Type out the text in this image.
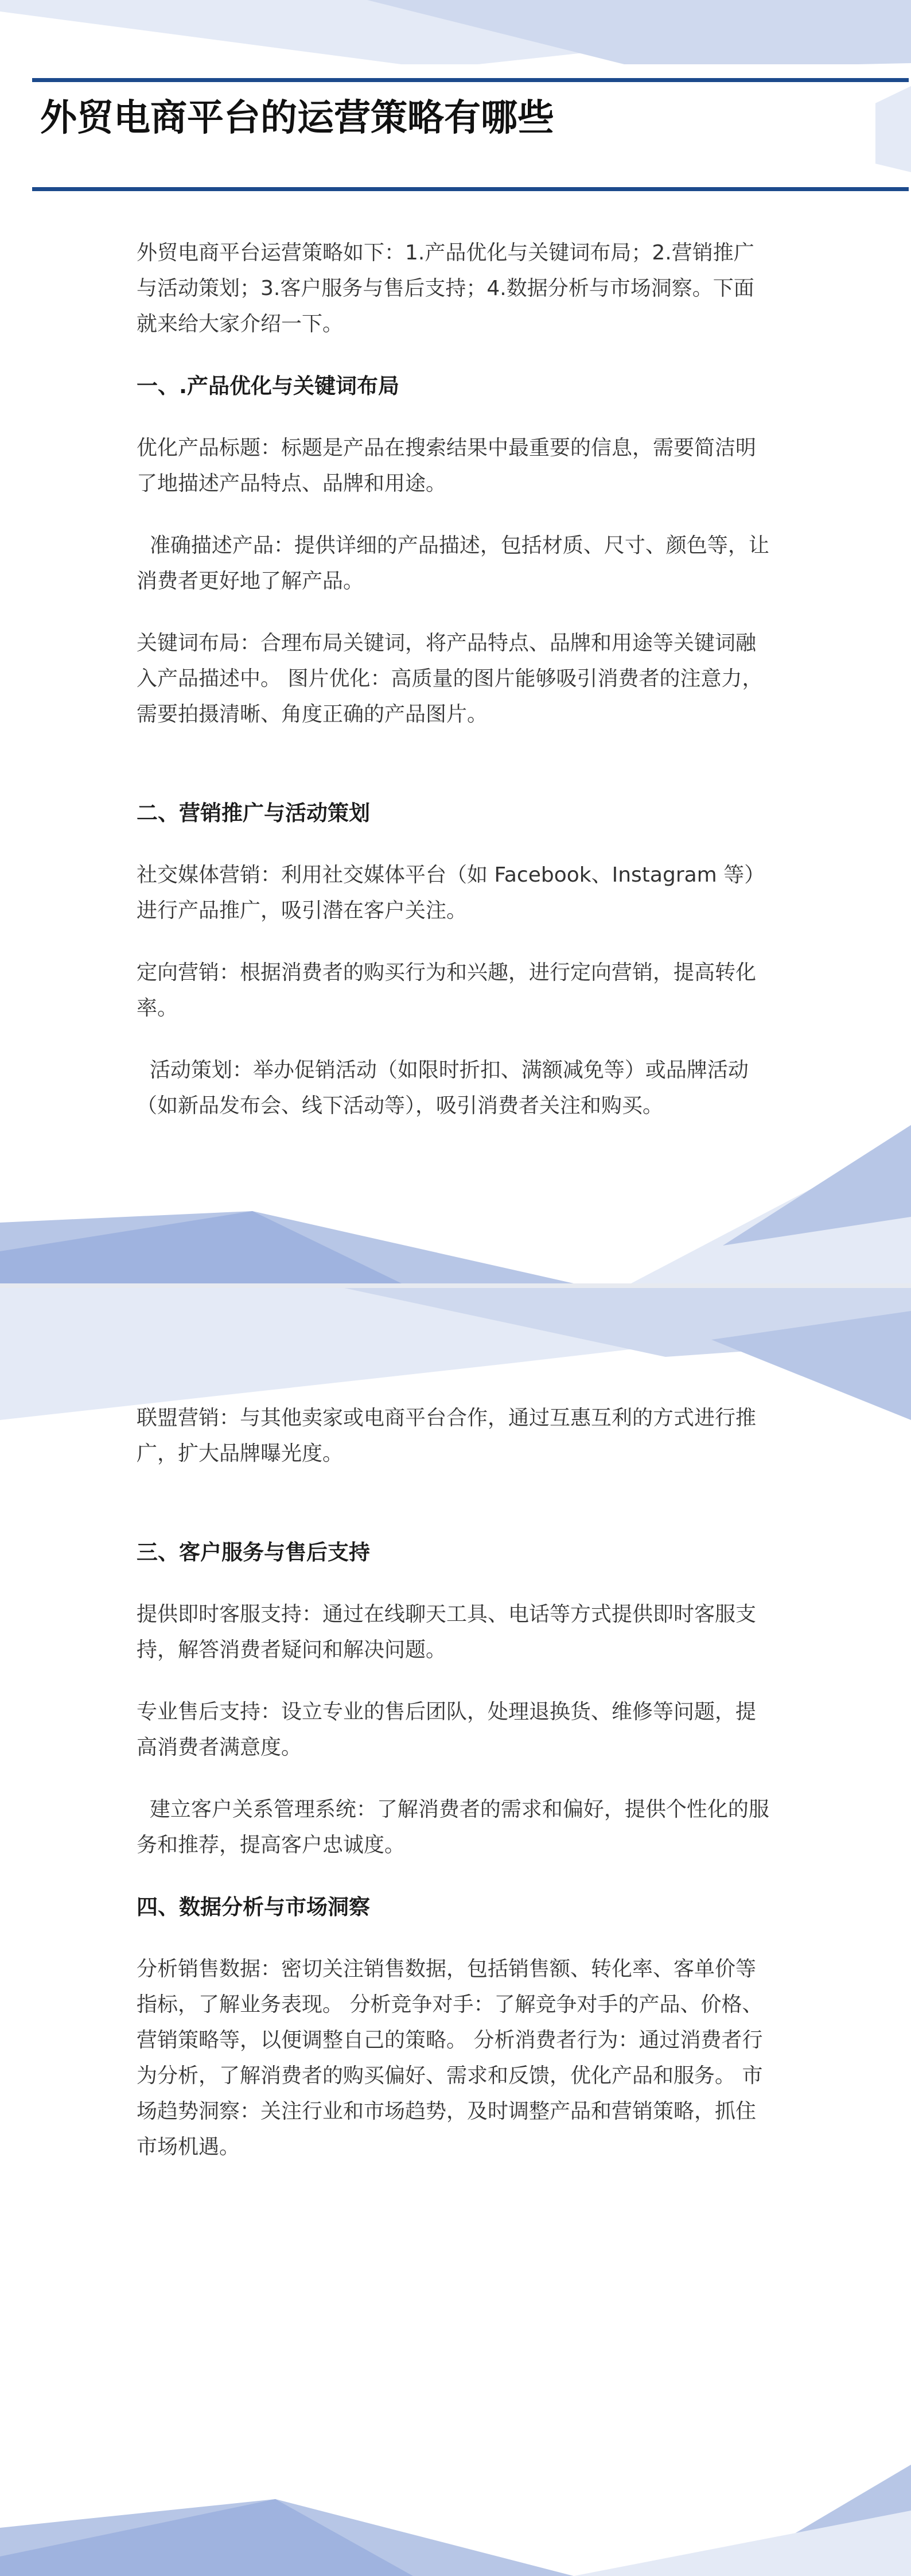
外贸电商平台的运营策略有哪些

外贸电商平台运营策略如下：1.产品优化与关键词布局；2.营销推广与活动策划；3.客户服务与售后支持；4.数据分析与市场洞察。下面就来给大家介绍一下。

一、.产品优化与关键词布局

优化产品标题：标题是产品在搜索结果中最重要的信息，需要简洁明了地描述产品特点、品牌和用途。

准确描述产品：提供详细的产品描述，包括材质、尺寸、颜色等，让消费者更好地了解产品。

关键词布局：合理布局关键词，将产品特点、品牌和用途等关键词融入产品描述中。 图片优化：高质量的图片能够吸引消费者的注意力，需要拍摄清晰、角度正确的产品图片。

二、营销推广与活动策划

社交媒体营销：利用社交媒体平台（如 Facebook、Instagram 等）进行产品推广，吸引潜在客户关注。

定向营销：根据消费者的购买行为和兴趣，进行定向营销，提高转化率。

活动策划：举办促销活动（如限时折扣、满额减免等）或品牌活动（如新品发布会、线下活动等），吸引消费者关注和购买。

联盟营销：与其他卖家或电商平台合作，通过互惠互利的方式进行推广，扩大品牌曝光度。

三、客户服务与售后支持

提供即时客服支持：通过在线聊天工具、电话等方式提供即时客服支持，解答消费者疑问和解决问题。

专业售后支持：设立专业的售后团队，处理退换货、维修等问题，提高消费者满意度。

建立客户关系管理系统：了解消费者的需求和偏好，提供个性化的服务和推荐，提高客户忠诚度。

四、数据分析与市场洞察

分析销售数据：密切关注销售数据，包括销售额、转化率、客单价等指标，了解业务表现。 分析竞争对手：了解竞争对手的产品、价格、营销策略等，以便调整自己的策略。 分析消费者行为：通过消费者行为分析，了解消费者的购买偏好、需求和反馈，优化产品和服务。 市场趋势洞察：关注行业和市场趋势，及时调整产品和营销策略，抓住市场机遇。
